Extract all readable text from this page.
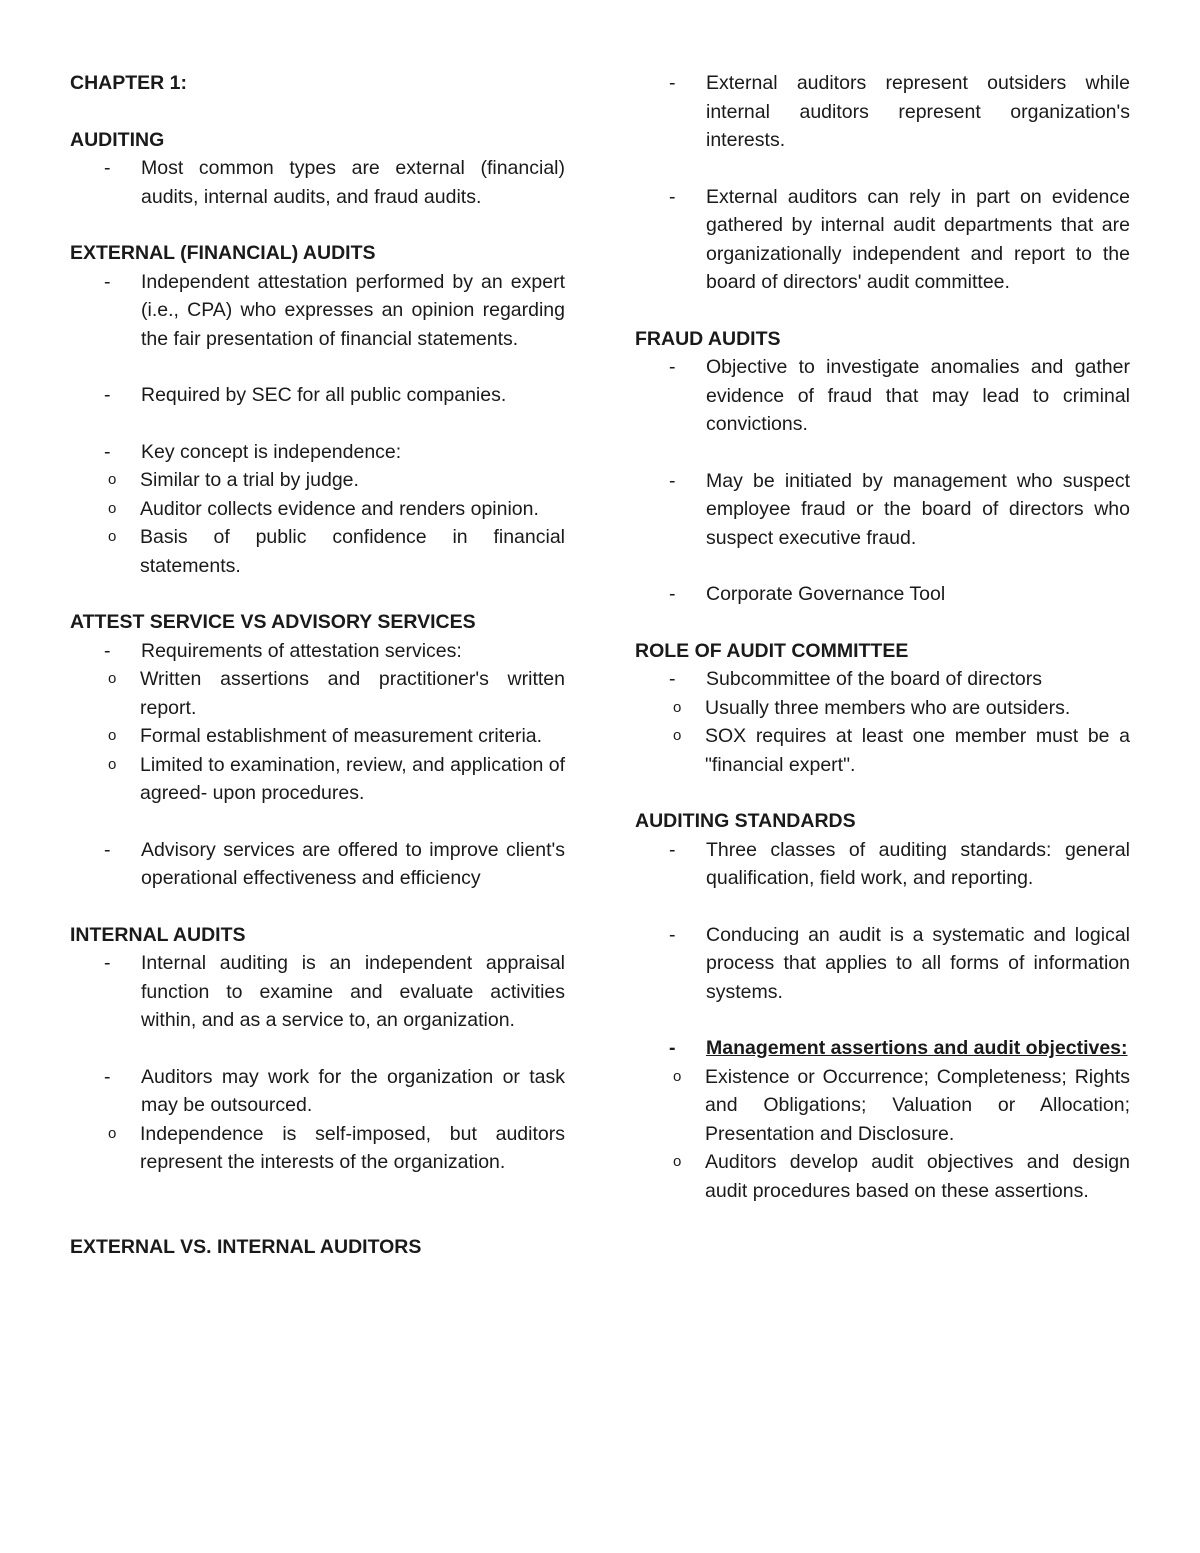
CHAPTER 1:

AUDITING

- Most common types are external (financial) audits, internal audits, and fraud audits.

EXTERNAL (FINANCIAL) AUDITS

- Independent attestation performed by an expert (i.e., CPA) who expresses an opinion regarding the fair presentation of financial statements.
- Required by SEC for all public companies.
- Key concept is independence:
o Similar to a trial by judge.
o Auditor collects evidence and renders opinion.
o Basis of public confidence in financial statements.

ATTEST SERVICE VS ADVISORY SERVICES

- Requirements of attestation services:
o Written assertions and practitioner's written report.
o Formal establishment of measurement criteria.
o Limited to examination, review, and application of agreed- upon procedures.
- Advisory services are offered to improve client's operational effectiveness and efficiency

INTERNAL AUDITS

- Internal auditing is an independent appraisal function to examine and evaluate activities within, and as a service to, an organization.
- Auditors may work for the organization or task may be outsourced.
o Independence is self-imposed, but auditors represent the interests of the organization.

EXTERNAL VS. INTERNAL AUDITORS

- External auditors represent outsiders while internal auditors represent organization's interests.
- External auditors can rely in part on evidence gathered by internal audit departments that are organizationally independent and report to the board of directors' audit committee.

FRAUD AUDITS

- Objective to investigate anomalies and gather evidence of fraud that may lead to criminal convictions.
- May be initiated by management who suspect employee fraud or the board of directors who suspect executive fraud.
- Corporate Governance Tool

ROLE OF AUDIT COMMITTEE

- Subcommittee of the board of directors
o Usually three members who are outsiders.
o SOX requires at least one member must be a "financial expert".

AUDITING STANDARDS

- Three classes of auditing standards: general qualification, field work, and reporting.
- Conducing an audit is a systematic and logical process that applies to all forms of information systems.
- Management assertions and audit objectives:
o Existence or Occurrence; Completeness; Rights and Obligations; Valuation or Allocation; Presentation and Disclosure.
o Auditors develop audit objectives and design audit procedures based on these assertions.
